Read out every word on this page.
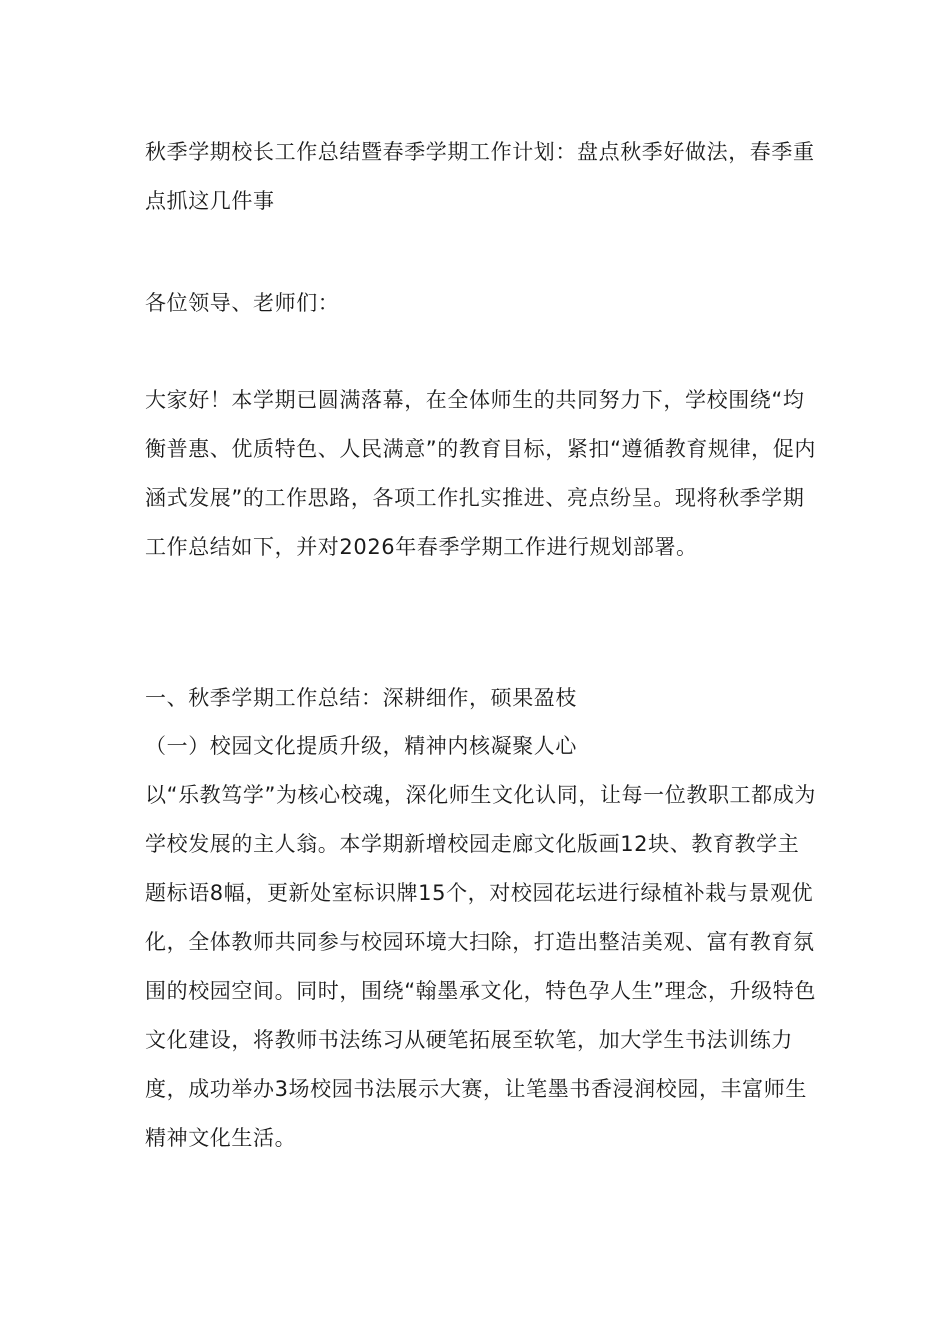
秋季学期校长工作总结暨春季学期工作计划：盘点秋季好做法，春季重点抓这几件事
各位领导、老师们：
大家好！本学期已圆满落幕，在全体师生的共同努力下，学校围绕“均衡普惠、优质特色、人民满意”的教育目标，紧扣“遵循教育规律，促内涵式发展”的工作思路，各项工作扎实推进、亮点纷呈。现将秋季学期工作总结如下，并对2026年春季学期工作进行规划部署。
一、秋季学期工作总结：深耕细作，硕果盈枝
（一）校园文化提质升级，精神内核凝聚人心
以“乐教笃学”为核心校魂，深化师生文化认同，让每一位教职工都成为学校发展的主人翁。本学期新增校园走廊文化版画12块、教育教学主题标语8幅，更新处室标识牌15个，对校园花坛进行绿植补栽与景观优化，全体教师共同参与校园环境大扫除，打造出整洁美观、富有教育氛围的校园空间。同时，围绕“翰墨承文化，特色孕人生”理念，升级特色文化建设，将教师书法练习从硬笔拓展至软笔，加大学生书法训练力度，成功举办3场校园书法展示大赛，让笔墨书香浸润校园，丰富师生精神文化生活。
